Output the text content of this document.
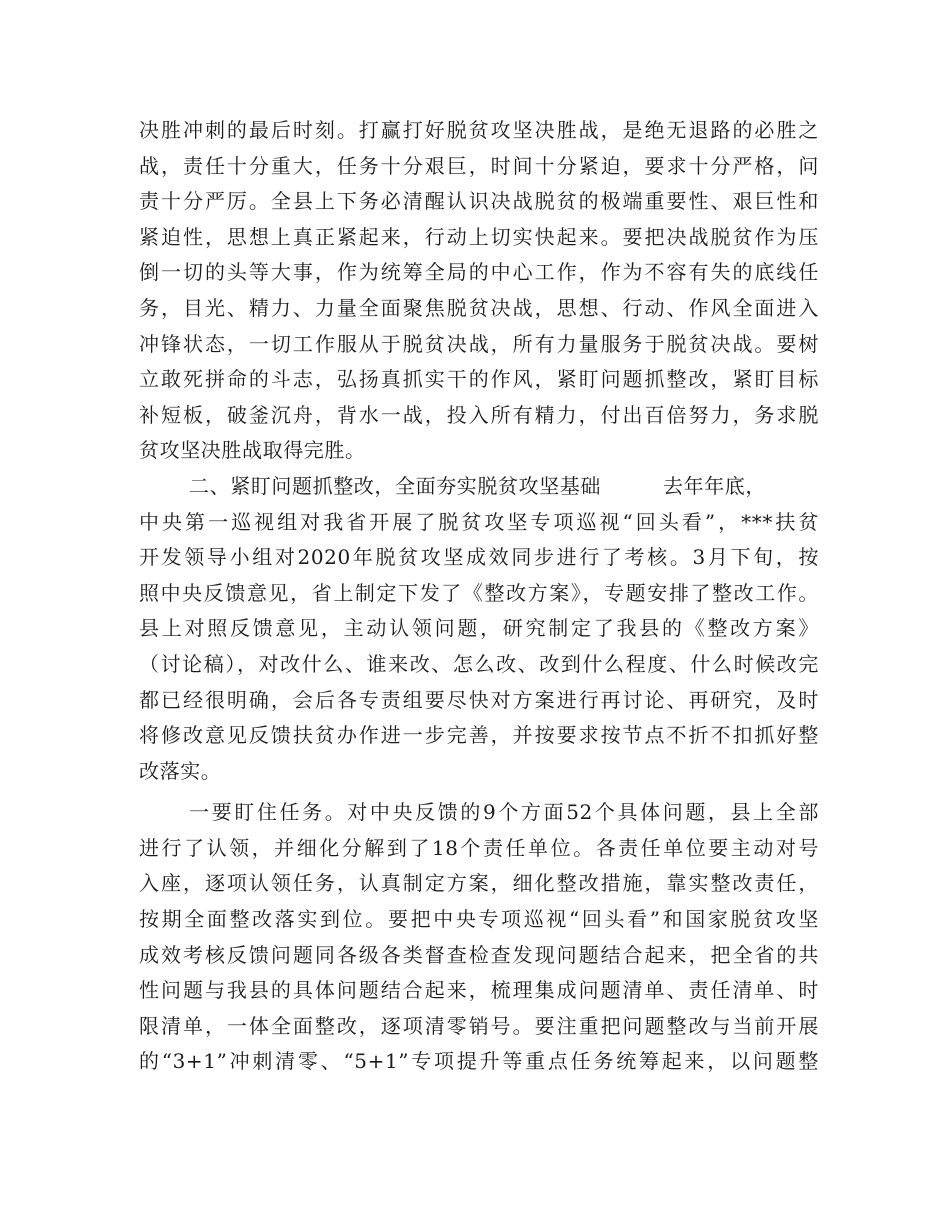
决胜冲刺的最后时刻。打赢打好脱贫攻坚决胜战，是绝无退路的必胜之
战，责任十分重大，任务十分艰巨，时间十分紧迫，要求十分严格，问
责十分严厉。全县上下务必清醒认识决战脱贫的极端重要性、艰巨性和
紧迫性，思想上真正紧起来，行动上切实快起来。要把决战脱贫作为压
倒一切的头等大事，作为统筹全局的中心工作，作为不容有失的底线任
务，目光、精力、力量全面聚焦脱贫决战，思想、行动、作风全面进入
冲锋状态，一切工作服从于脱贫决战，所有力量服务于脱贫决战。要树
立敢死拼命的斗志，弘扬真抓实干的作风，紧盯问题抓整改，紧盯目标
补短板，破釜沉舟，背水一战，投入所有精力，付出百倍努力，务求脱
贫攻坚决胜战取得完胜。
二、紧盯问题抓整改，全面夯实脱贫攻坚基础	去年年底，
中央第一巡视组对我省开展了脱贫攻坚专项巡视“回头看”，***扶贫
开发领导小组对2020年脱贫攻坚成效同步进行了考核。3月下旬，按
照中央反馈意见，省上制定下发了《整改方案》，专题安排了整改工作。
县上对照反馈意见，主动认领问题，研究制定了我县的《整改方案》
（讨论稿），对改什么、谁来改、怎么改、改到什么程度、什么时候改完
都已经很明确，会后各专责组要尽快对方案进行再讨论、再研究，及时
将修改意见反馈扶贫办作进一步完善，并按要求按节点不折不扣抓好整
改落实。
一要盯住任务。对中央反馈的9个方面52个具体问题，县上全部
进行了认领，并细化分解到了18个责任单位。各责任单位要主动对号
入座，逐项认领任务，认真制定方案，细化整改措施，靠实整改责任，
按期全面整改落实到位。要把中央专项巡视“回头看”和国家脱贫攻坚
成效考核反馈问题同各级各类督查检查发现问题结合起来，把全省的共
性问题与我县的具体问题结合起来，梳理集成问题清单、责任清单、时
限清单，一体全面整改，逐项清零销号。要注重把问题整改与当前开展
的“3+1”冲刺清零、“5+1”专项提升等重点任务统筹起来，以问题整
